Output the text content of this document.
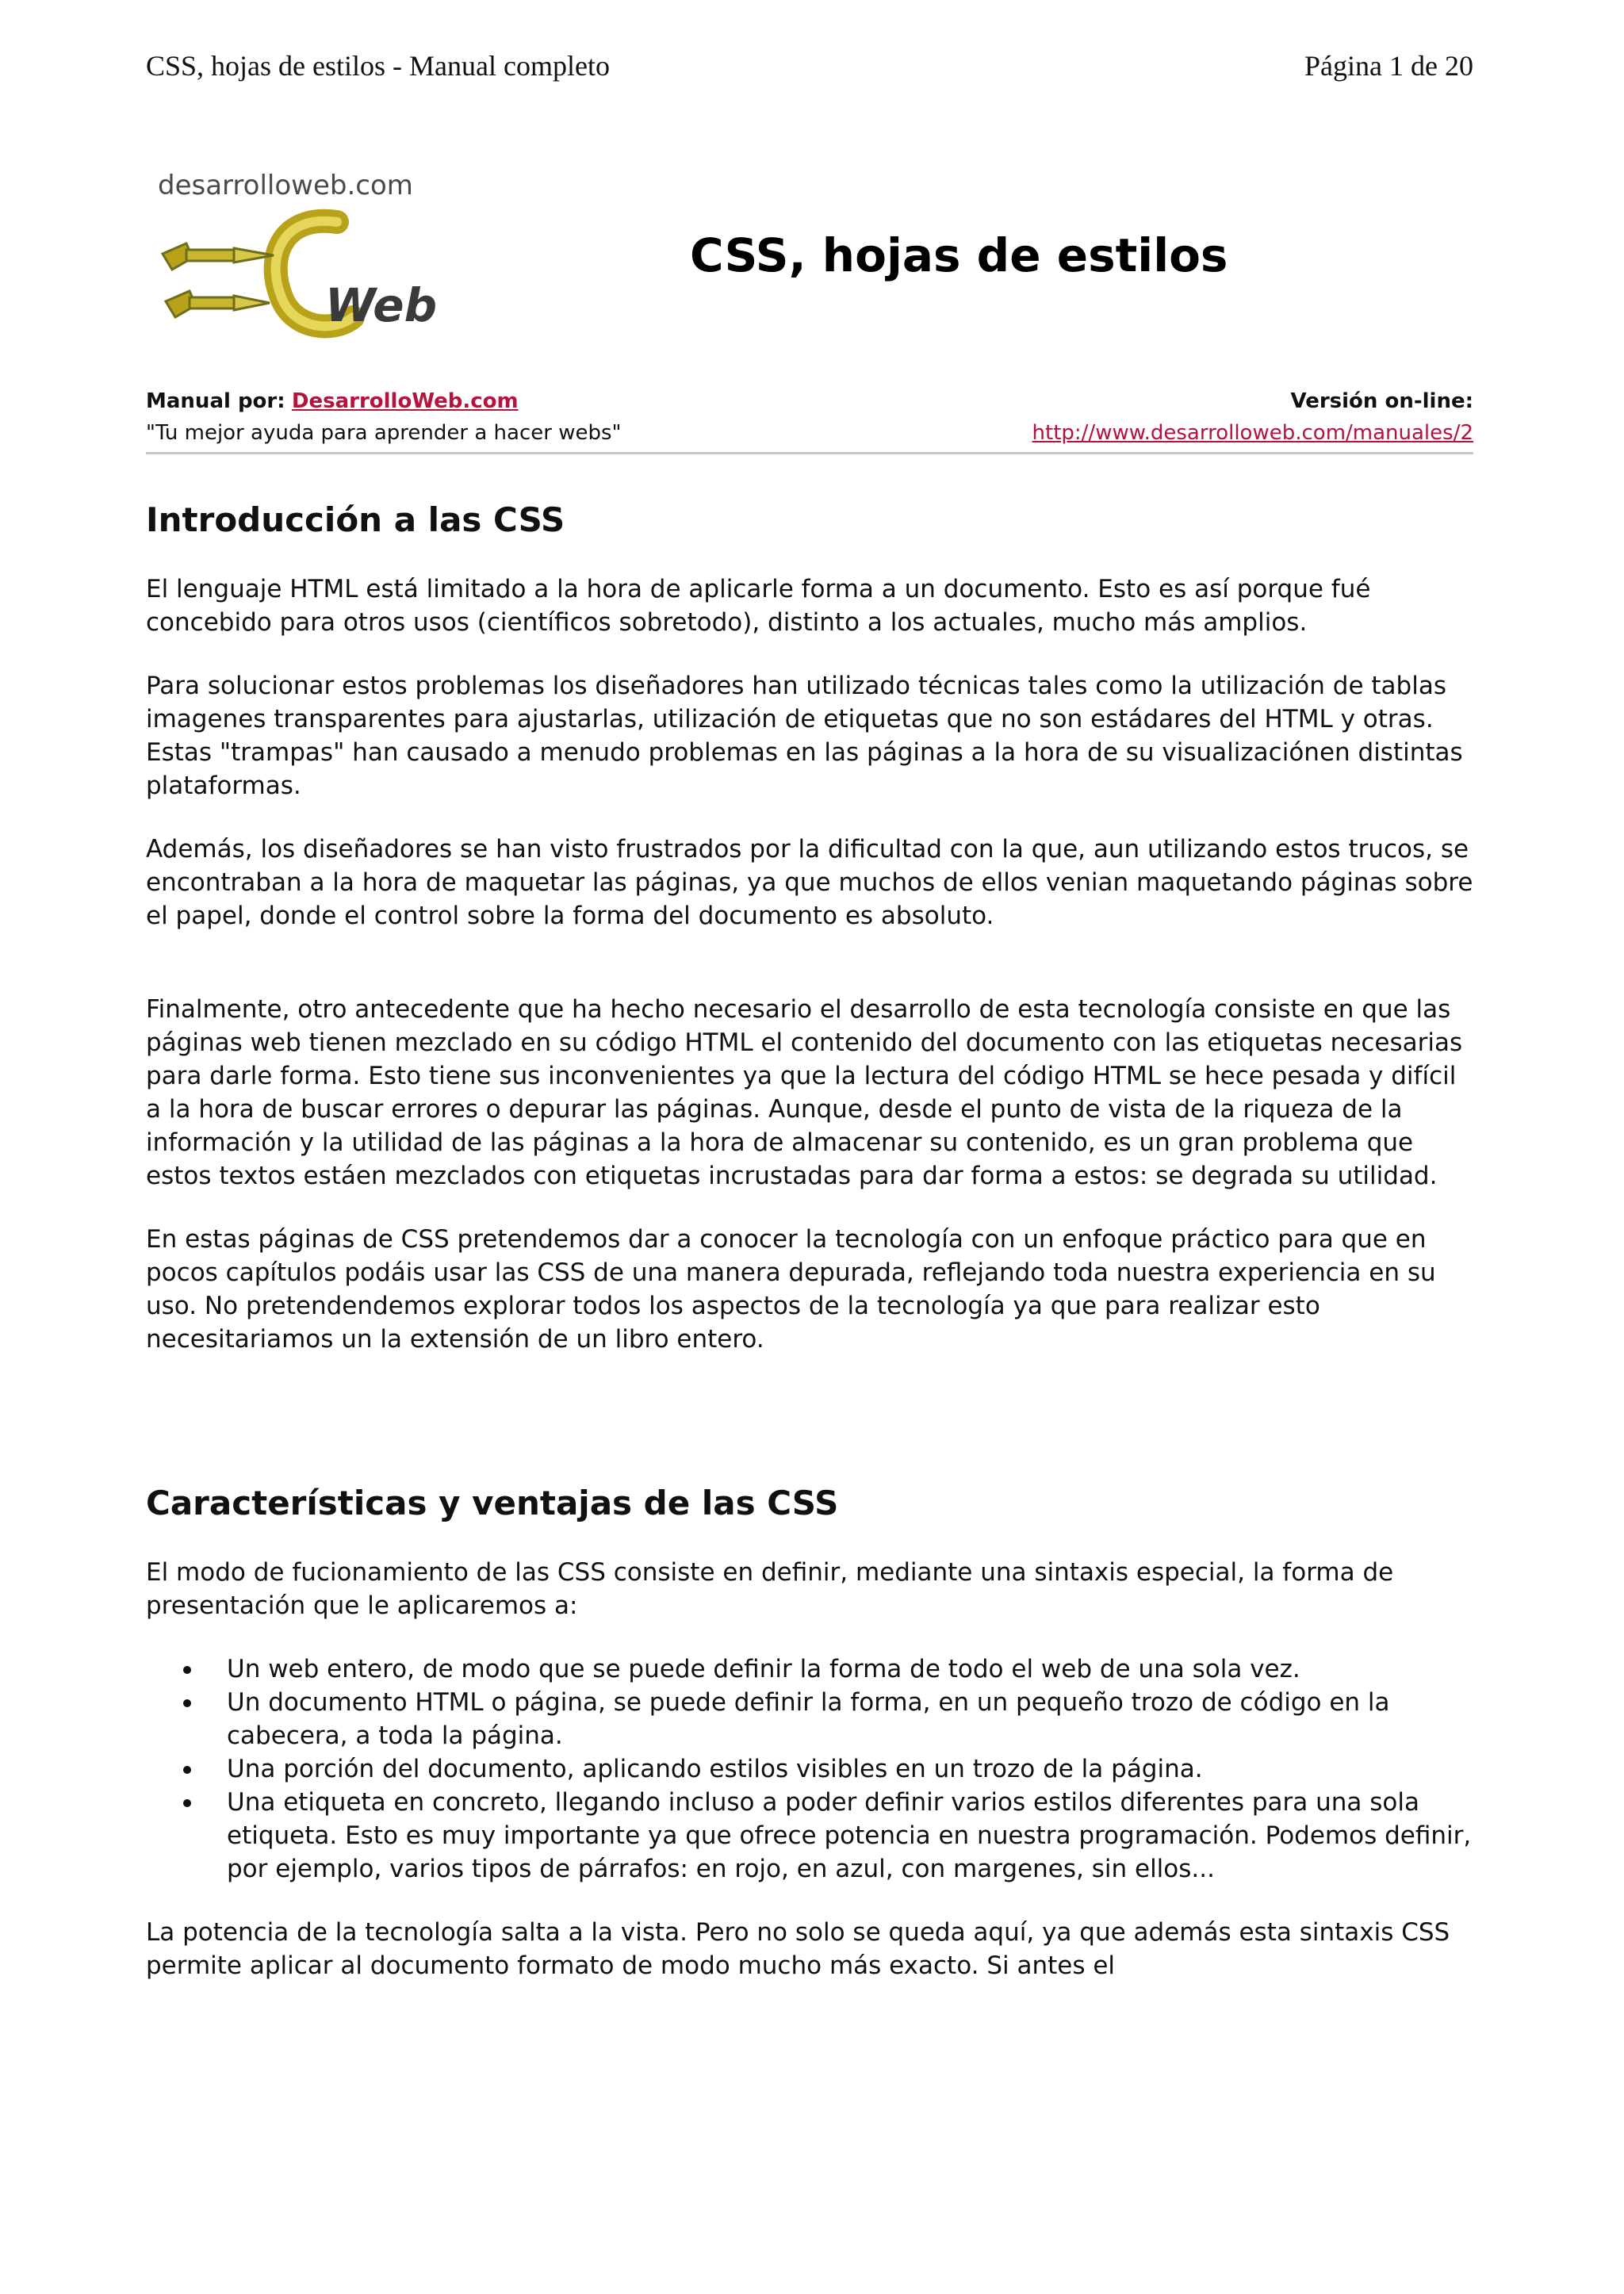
CSS, hojas de estilos - Manual completo	Página 1 de 20
desarrolloweb.com
Web
CSS, hojas de estilos
Manual por: DesarrolloWeb.com
"Tu mejor ayuda para aprender a hacer webs"
Versión on-line:
http://www.desarrolloweb.com/manuales/2
Introducción a las CSS

El lenguaje HTML está limitado a la hora de aplicarle forma a un documento. Esto es así porque fué concebido para otros usos (científicos sobretodo), distinto a los actuales, mucho más amplios.

Para solucionar estos problemas los diseñadores han utilizado técnicas tales como la utilización de tablas imagenes transparentes para ajustarlas, utilización de etiquetas que no son estádares del HTML y otras. Estas "trampas" han causado a menudo problemas en las páginas a la hora de su visualizaciónen distintas plataformas.

Además, los diseñadores se han visto frustrados por la dificultad con la que, aun utilizando estos trucos, se encontraban a la hora de maquetar las páginas, ya que muchos de ellos venian maquetando páginas sobre el papel, donde el control sobre la forma del documento es absoluto.

Finalmente, otro antecedente que ha hecho necesario el desarrollo de esta tecnología consiste en que las páginas web tienen mezclado en su código HTML el contenido del documento con las etiquetas necesarias para darle forma. Esto tiene sus inconvenientes ya que la lectura del código HTML se hece pesada y difícil a la hora de buscar errores o depurar las páginas. Aunque, desde el punto de vista de la riqueza de la información y la utilidad de las páginas a la hora de almacenar su contenido, es un gran problema que estos textos estáen mezclados con etiquetas incrustadas para dar forma a estos: se degrada su utilidad.

En estas páginas de CSS pretendemos dar a conocer la tecnología con un enfoque práctico para que en pocos capítulos podáis usar las CSS de una manera depurada, reflejando toda nuestra experiencia en su uso. No pretendendemos explorar todos los aspectos de la tecnología ya que para realizar esto necesitariamos un la extensión de un libro entero.

Características y ventajas de las CSS

El modo de fucionamiento de las CSS consiste en definir, mediante una sintaxis especial, la forma de presentación que le aplicaremos a:

Un web entero, de modo que se puede definir la forma de todo el web de una sola vez.
Un documento HTML o página, se puede definir la forma, en un pequeño trozo de código en la cabecera, a toda la página.
Una porción del documento, aplicando estilos visibles en un trozo de la página.
Una etiqueta en concreto, llegando incluso a poder definir varios estilos diferentes para una sola etiqueta. Esto es muy importante ya que ofrece potencia en nuestra programación. Podemos definir, por ejemplo, varios tipos de párrafos: en rojo, en azul, con margenes, sin ellos...

La potencia de la tecnología salta a la vista. Pero no solo se queda aquí, ya que además esta sintaxis CSS permite aplicar al documento formato de modo mucho más exacto. Si antes el
